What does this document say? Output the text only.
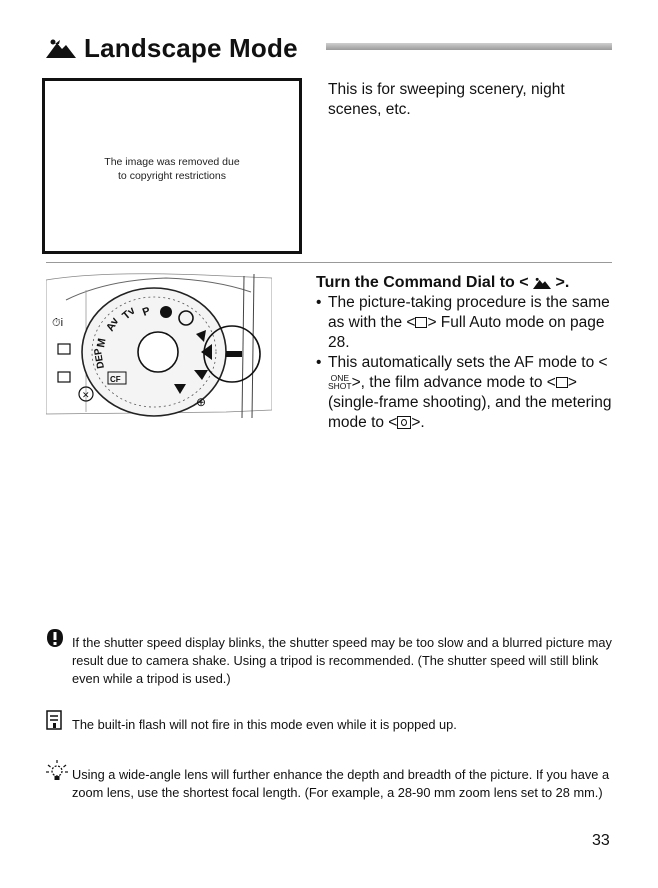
Landscape Mode
The image was removed due
to copyright restrictions
This is for sweeping scenery, night scenes, etc.
P
Tv
Av
M
DEP
CF
⏱i
✕	⊕
Turn the Command Dial to < >.
• The picture-taking procedure is the same as with the < > Full Auto mode on page 28.
• This automatically sets the AF mode to <
ONE
SHOT >, the film advance mode to < > (single-frame shooting), and the metering mode to < >.
If the shutter speed display blinks, the shutter speed may be too slow and a blurred picture may result due to camera shake. Using a tripod is recommended. (The shutter speed will still blink even while a tripod is used.)
The built-in flash will not fire in this mode even while it is popped up.
Using a wide-angle lens will further enhance the depth and breadth of the picture. If you have a zoom lens, use the shortest focal length. (For example, a 28-90 mm zoom lens set to 28 mm.)
33
